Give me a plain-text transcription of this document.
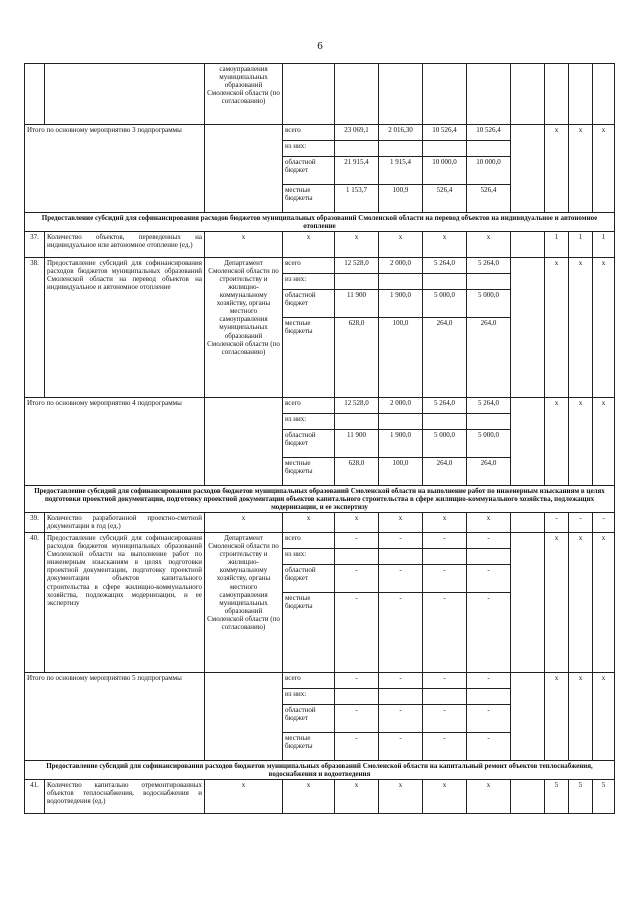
6
		самоуправления муниципальных образований Смоленской области (по согласованию)									
Итого по основному мероприятию 3 подпрограммы			всего	23 069,1	2 016,30	10 526,4	10 526,4		x	x	x
			из них:								
			областной бюджет	21 915,4	1 915,4	10 000,0	10 000,0				
			местные бюджеты	1 153,7	100,9	526,4	526,4				
Предоставление субсидий для софинансирования расходов бюджетов муниципальных образований Смоленской области на перевод объектов на индивидуальное и автономное отопление											
37.	Количество объектов, переведенных на индивидуальное или автономное отопление (ед.)	x	x	x	x	x	x		1	1	1
38.	Предоставление субсидий для софинансирования расходов бюджетов муниципальных образований Смоленской области на перевод объектов на индивидуальное и автономное отопление	Департамент Смоленской области по строительству и жилищно-коммунальному хозяйству, органы местного самоуправления муниципальных образований Смоленской области (по согласованию)	всего	12 528,0	2 000,0	5 264,0	5 264,0		x	x	x
			из них:								
			областной бюджет	11 900	1 900,0	5 000,0	5 000,0				
			местные бюджеты	628,0	100,0	264,0	264,0				
Итого по основному мероприятию 4 подпрограммы			всего	12 528,0	2 000,0	5 264,0	5 264,0		x	x	x
			из них:								
			областной бюджет	11 900	1 900,0	5 000,0	5 000,0				
			местные бюджеты	628,0	100,0	264,0	264,0				
Предоставление субсидий для софинансирования расходов бюджетов муниципальных образований Смоленской области на выполнение работ по инженерным изысканиям в целях подготовки проектной документации, подготовку проектной документации объектов капитального строительства в сфере жилищно-коммунального хозяйства, подлежащих модернизации, и ее экспертизу											
39.	Количество разработанной проектно-сметной документации в год (ед.)	x	x	x	x	x	x		-	-	-
40.	Предоставление субсидий для софинансирования расходов бюджетов муниципальных образований Смоленской области на выполнение работ по инженерным изысканиям в целях подготовки проектной документации, подготовку проектной документации объектов капитального строительства в сфере жилищно-коммунального хозяйства, подлежащих модернизации, и ее экспертизу	Департамент Смоленской области по строительству и жилищно-коммунальному хозяйству, органы местного самоуправления муниципальных образований Смоленской области (по согласованию)	всего	-	-	-	-		x	x	x
			из них:								
			областной бюджет	-	-	-	-				
			местные бюджеты	-	-	-	-				
Итого по основному мероприятию 5 подпрограммы			всего	-	-	-	-		x	x	x
			из них:								
			областной бюджет	-	-	-	-				
			местные бюджеты	-	-	-	-				
Предоставление субсидий для софинансирования расходов бюджетов муниципальных образований Смоленской области на капитальный ремонт объектов теплоснабжения, водоснабжения и водоотведения											
41.	Количество капитально отремонтированных объектов теплоснабжения, водоснабжения и водоотведения (ед.)	x	x	x	x	x	x		5	5	5
